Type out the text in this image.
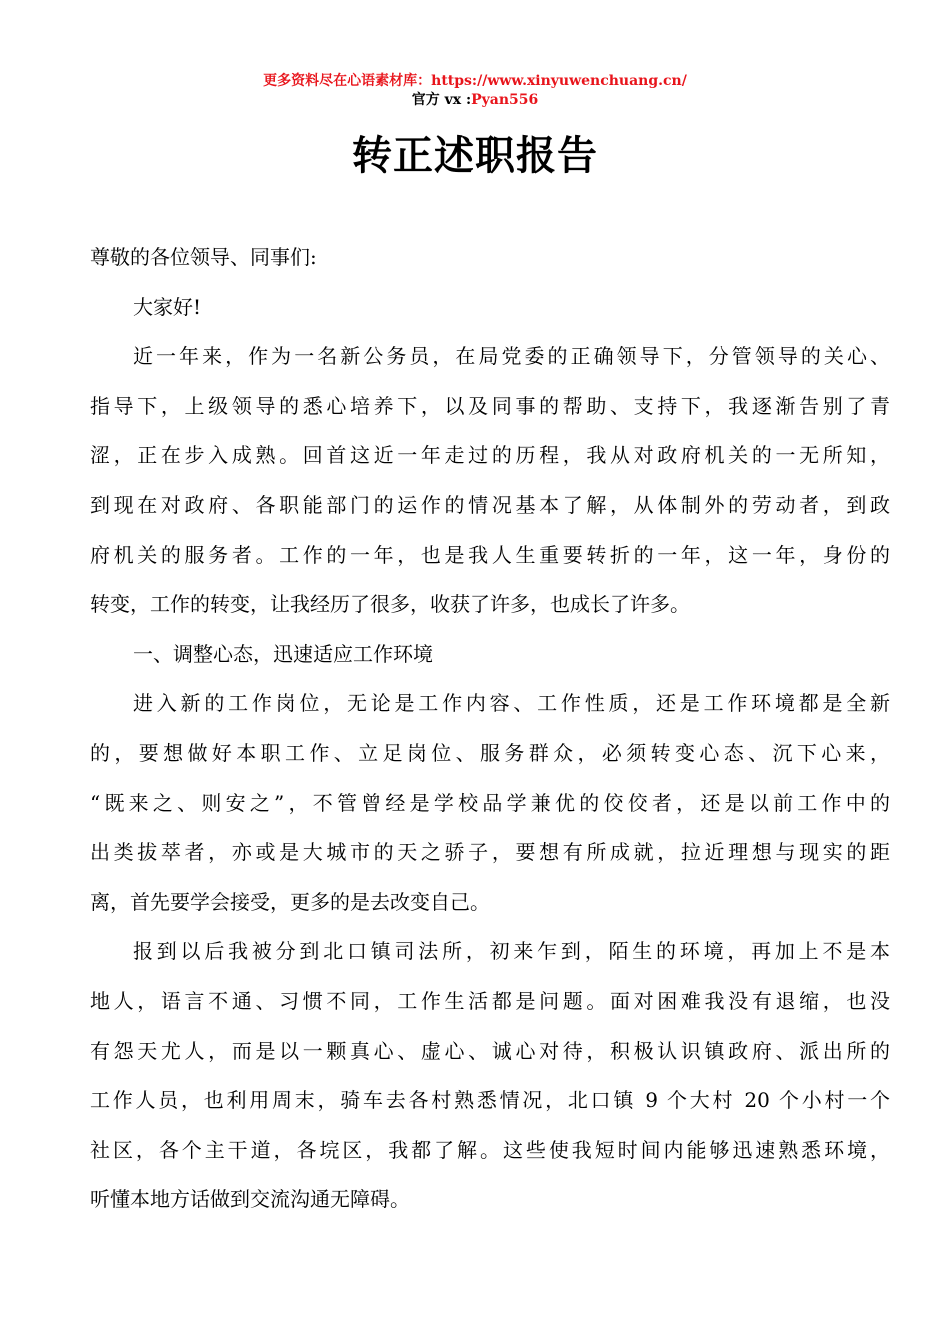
更多资料尽在心语素材库：https://www.xinyuwenchuang.cn/
官方 vx :Pyan556
转正述职报告
尊敬的各位领导、同事们:
大家好!
近一年来，作为一名新公务员，在局党委的正确领导下，分管领导的关心、
指导下，上级领导的悉心培养下，以及同事的帮助、支持下，我逐渐告别了青
涩，正在步入成熟。回首这近一年走过的历程，我从对政府机关的一无所知，
到现在对政府、各职能部门的运作的情况基本了解，从体制外的劳动者，到政
府机关的服务者。工作的一年，也是我人生重要转折的一年，这一年，身份的
转变，工作的转变，让我经历了很多，收获了许多，也成长了许多。
一、调整心态，迅速适应工作环境
进入新的工作岗位，无论是工作内容、工作性质，还是工作环境都是全新
的，要想做好本职工作、立足岗位、服务群众，必须转变心态、沉下心来，
“既来之、则安之”，不管曾经是学校品学兼优的佼佼者，还是以前工作中的
出类拔萃者，亦或是大城市的天之骄子，要想有所成就，拉近理想与现实的距
离，首先要学会接受，更多的是去改变自己。
报到以后我被分到北口镇司法所，初来乍到，陌生的环境，再加上不是本
地人，语言不通、习惯不同，工作生活都是问题。面对困难我没有退缩，也没
有怨天尤人，而是以一颗真心、虚心、诚心对待，积极认识镇政府、派出所的
工作人员，也利用周末，骑车去各村熟悉情况，北口镇 9 个大村 20 个小村一个
社区，各个主干道，各垸区，我都了解。这些使我短时间内能够迅速熟悉环境，
听懂本地方话做到交流沟通无障碍。
